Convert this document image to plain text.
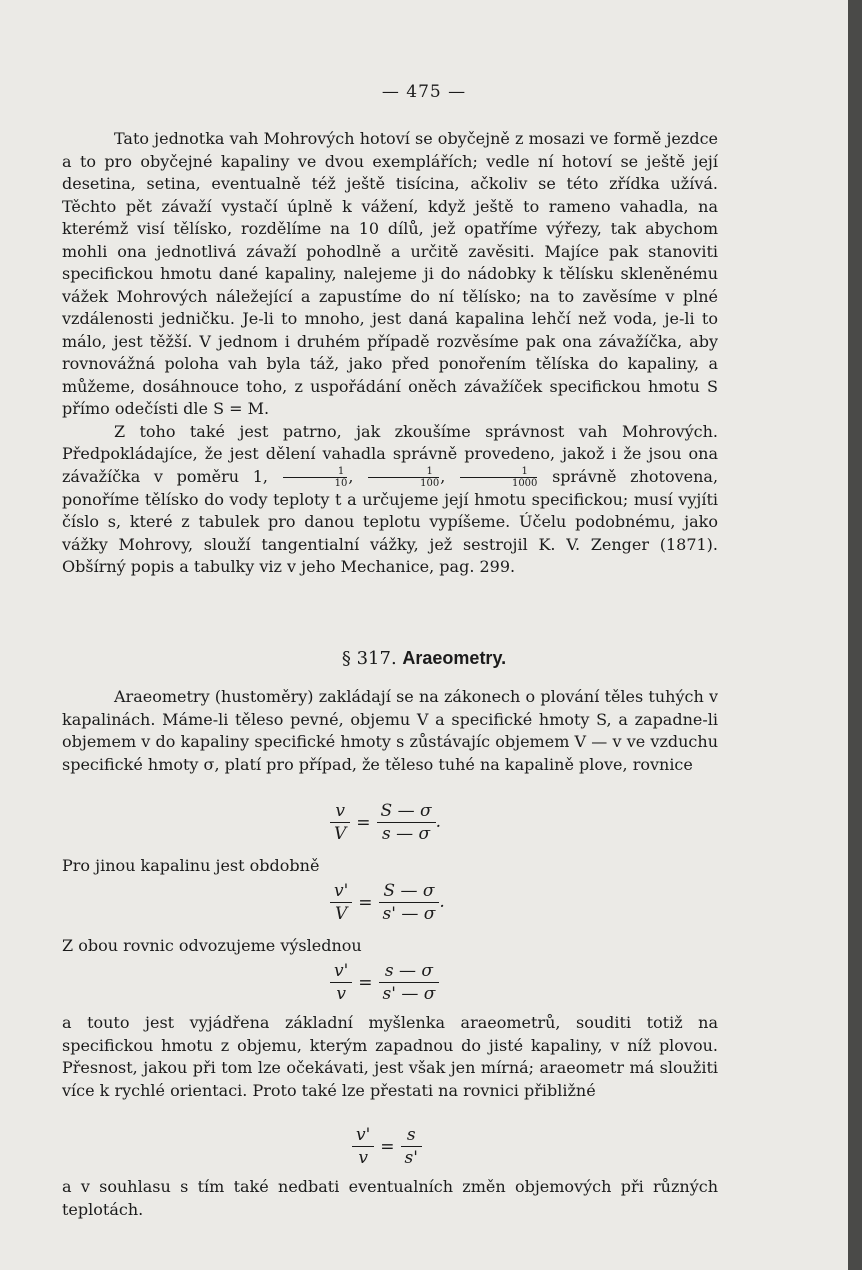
— 475 —

Tato jednotka vah Mohrových hotoví se obyčejně z mosazi ve formě jezdce a to pro obyčejné kapaliny ve dvou exemplářích; vedle ní hotoví se ještě její desetina, setina, eventualně též ještě tisícina, ačkoliv se této zřídka užívá. Těchto pět závaží vystačí úplně k vážení, když ještě to rameno vahadla, na kterémž visí tělísko, rozdělíme na 10 dílů, jež opatříme výřezy, tak abychom mohli ona jednotlivá závaží pohodlně a určitě zavěsiti. Majíce pak stanoviti specifickou hmotu dané kapaliny, nalejeme ji do nádobky k tělísku skleněnému vážek Mohrových náležející a zapustíme do ní tělísko; na to zavěsíme v plné vzdálenosti jedničku. Je-li to mnoho, jest daná kapalina lehčí než voda, je-li to málo, jest těžší. V jednom i druhém případě rozvěsíme pak ona závažíčka, aby rovnovážná poloha vah byla táž, jako před ponořením tělíska do kapaliny, a můžeme, dosáhnouce toho, z uspořádání oněch závažíček specifickou hmotu S přímo odečísti dle S = M.

Z toho také jest patrno, jak zkoušíme správnost vah Mohrových. Předpokládajíce, že jest dělení vahadla správně provedeno, jakož i že jsou ona závažíčka v poměru 1, $\frac{1}{10}$ , $\frac{1}{100}$ , $\frac{1}{1000}$ správně zhotovena, ponoříme tělísko do vody teploty t a určujeme její hmotu specifickou; musí vyjíti číslo s, které z tabulek pro danou teplotu vypíšeme. Účelu podobnému, jako vážky Mohrovy, slouží tangentialní vážky, jež sestrojil K. V. Zenger (1871). Obšírný popis a tabulky viz v jeho Mechanice, pag. 299.

§ 317. Araeometry.

Araeometry (hustoměry) zakládají se na zákonech o plování těles tuhých v kapalinách. Máme-li těleso pevné, objemu V a specifické hmoty S, a zapadne-li objemem v do kapaliny specifické hmoty s zůstávajíc objemem V — v ve vzduchu specifické hmoty σ, platí pro případ, že těleso tuhé na kapalině plove, rovnice

$\frac{v}{V} = \frac{S — \sigma}{s — \sigma}$ .
Pro jinou kapalinu jest obdobně
$\frac{v'}{V} = \frac{S — \sigma}{s' — \sigma}$ .
Z obou rovnic odvozujeme výslednou
$\frac{v'}{v} = \frac{s — \sigma}{s' — \sigma}$

a touto jest vyjádřena základní myšlenka araeometrů, souditi totiž na specifickou hmotu z objemu, kterým zapadnou do jisté kapaliny, v níž plovou. Přesnost, jakou při tom lze očekávati, jest však jen mírná; araeometr má sloužiti více k rychlé orientaci. Proto také lze přestati na rovnici přibližné

$\frac{v'}{v} = \frac{s}{s'}$

a v souhlasu s tím také nedbati eventualních změn objemových při různých teplotách.
